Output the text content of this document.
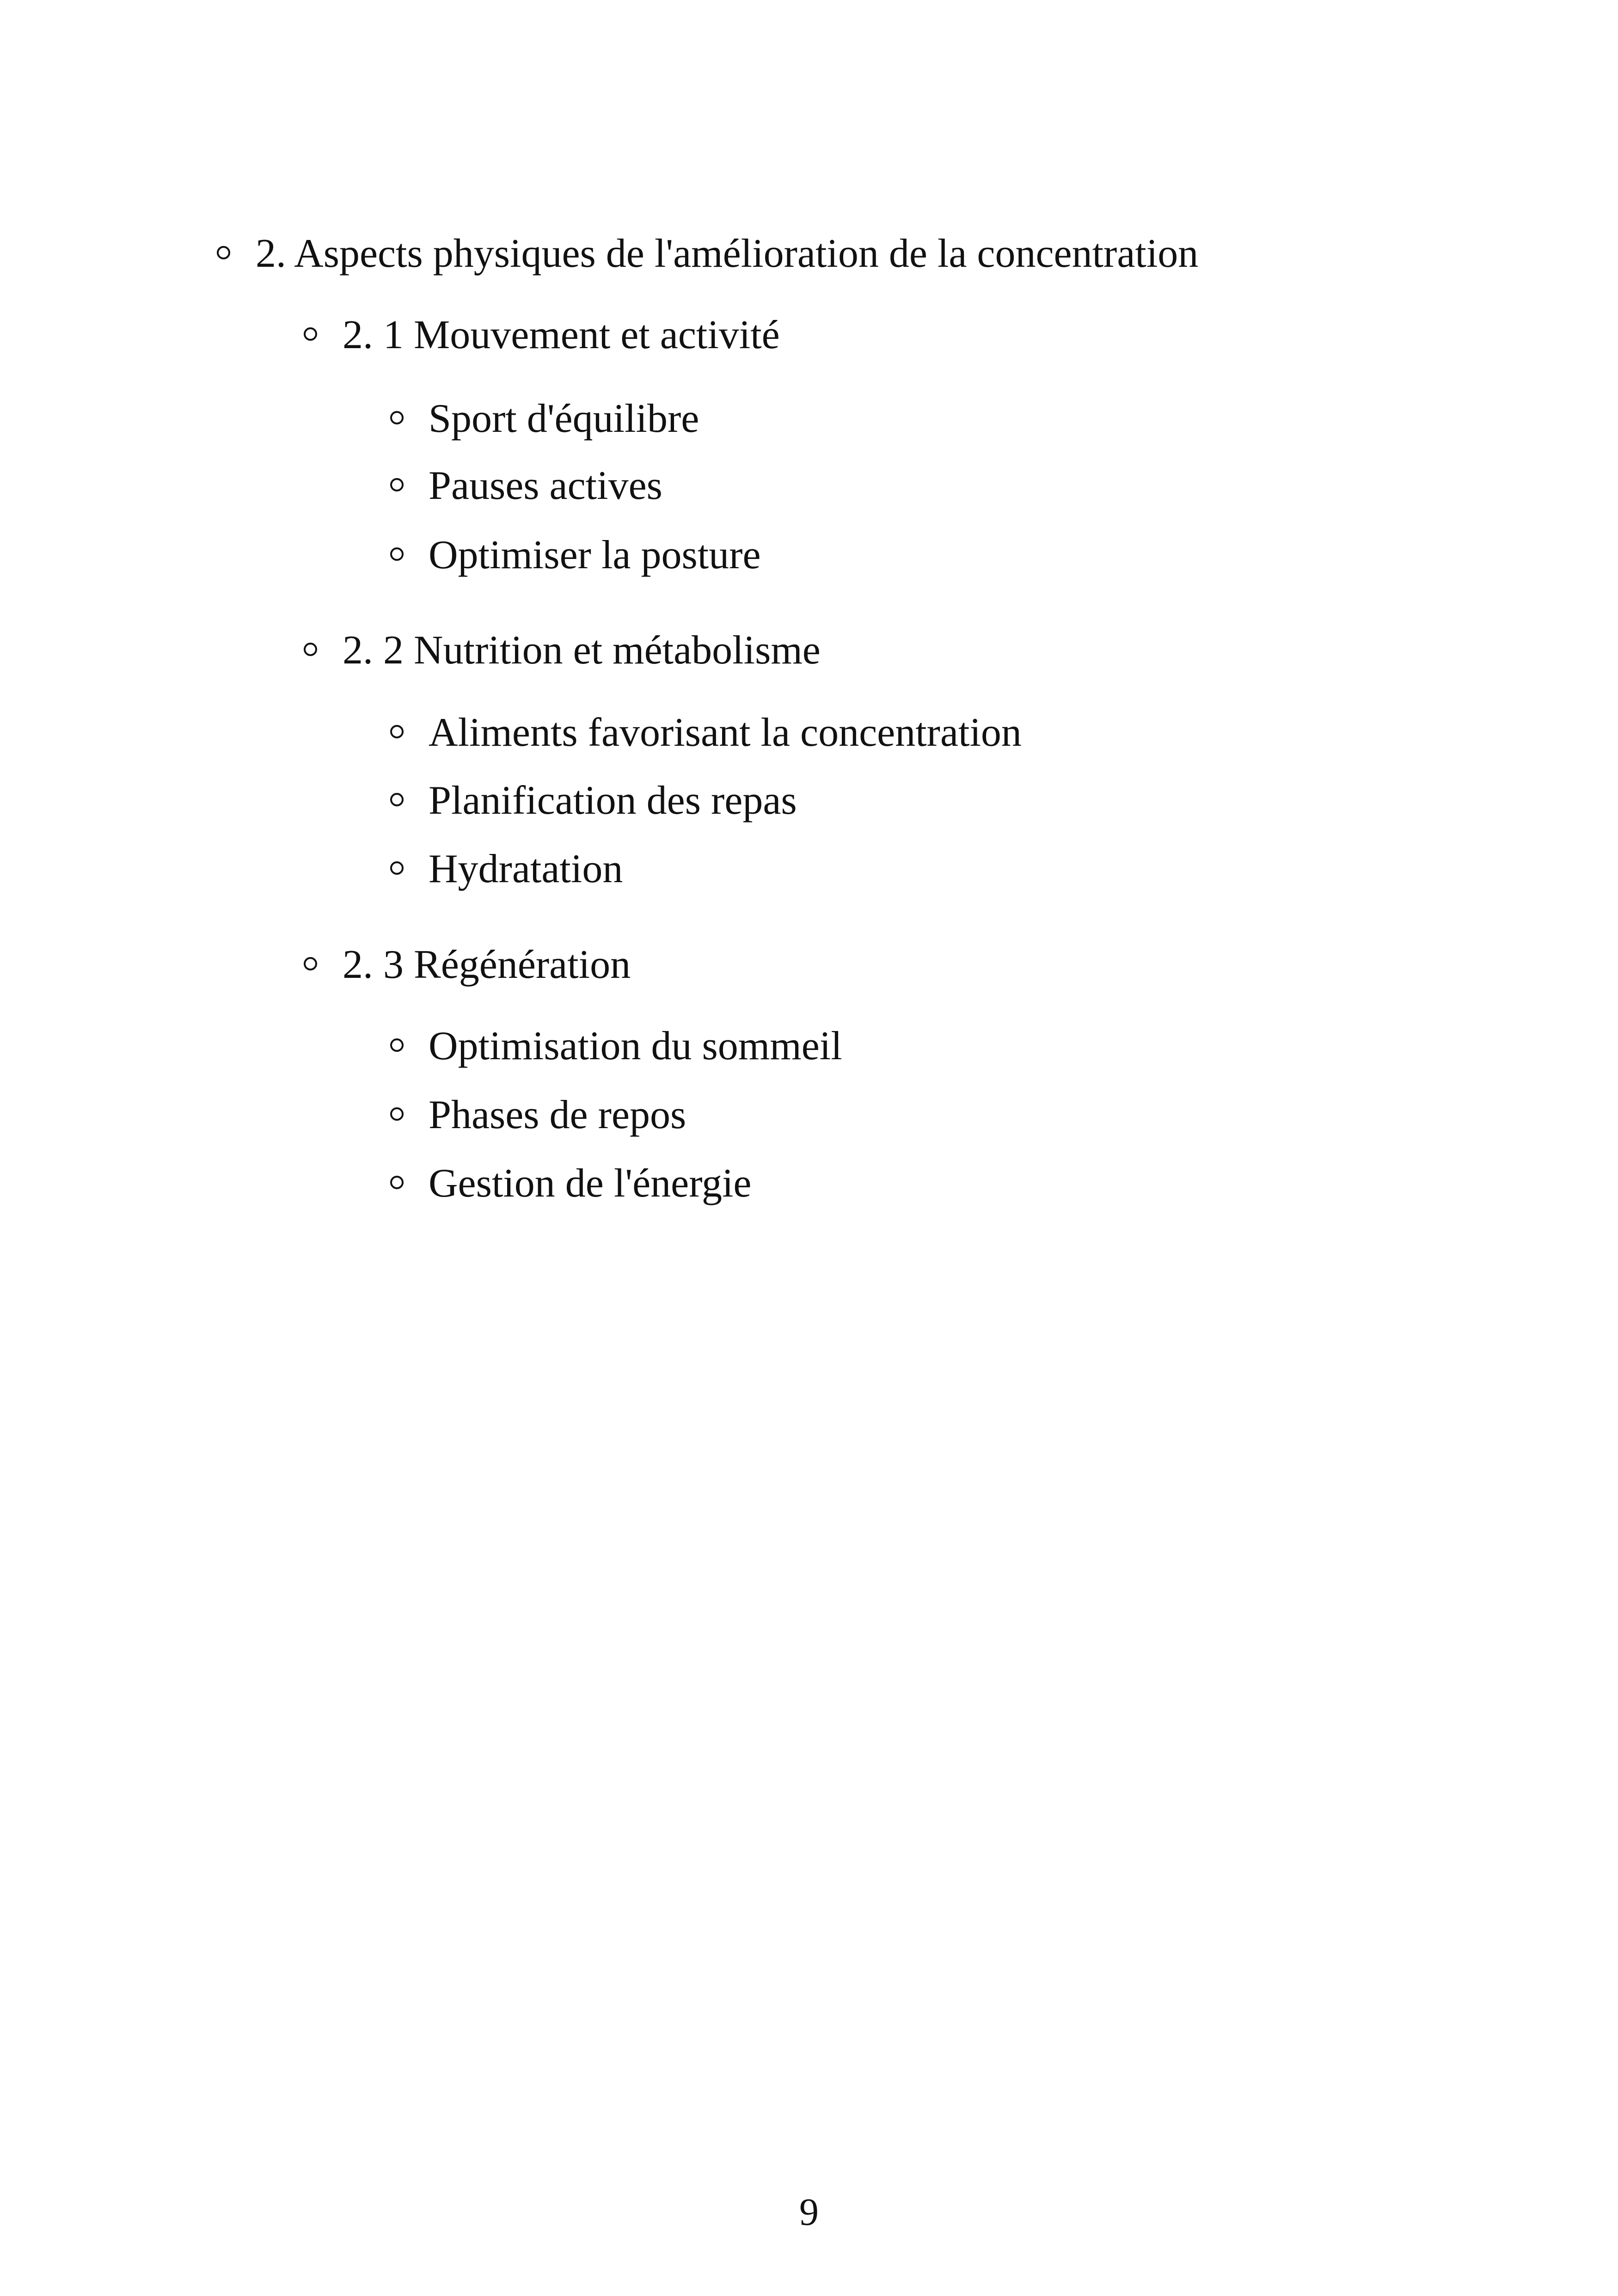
2. Aspects physiques de l'amélioration de la concentration
2. 1 Mouvement et activité
Sport d'équilibre
Pauses actives
Optimiser la posture
2. 2 Nutrition et métabolisme
Aliments favorisant la concentration
Planification des repas
Hydratation
2. 3 Régénération
Optimisation du sommeil
Phases de repos
Gestion de l'énergie
9
